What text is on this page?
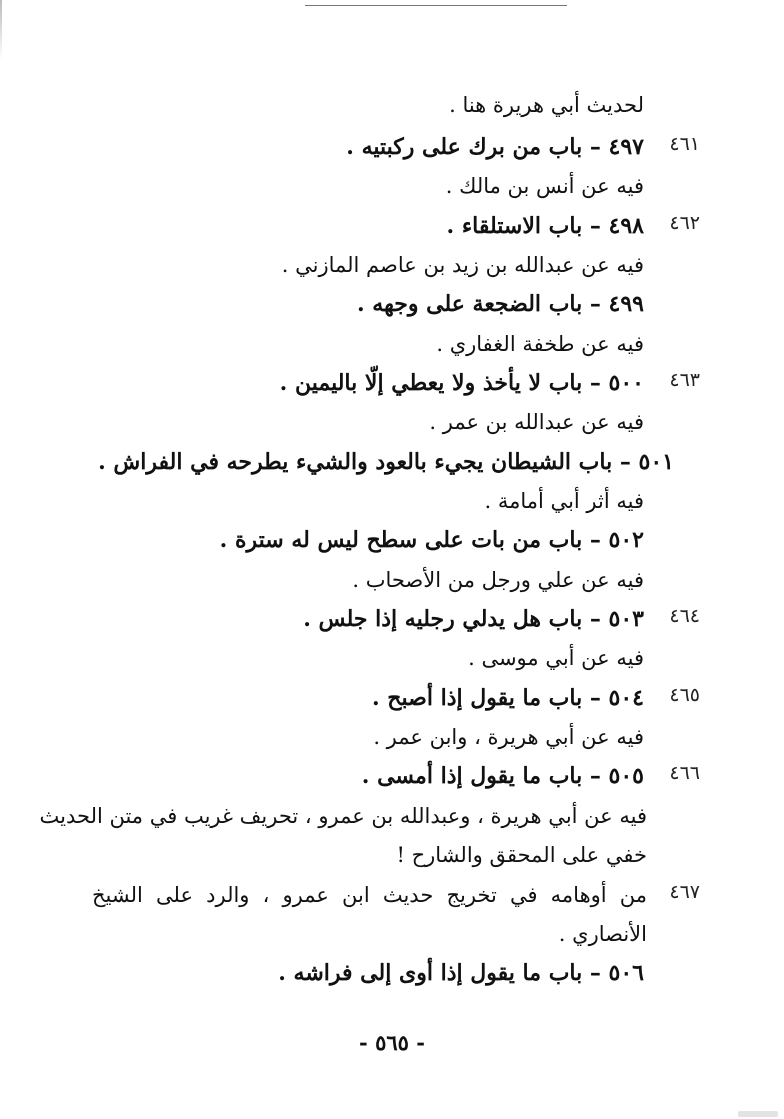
لحديث أبي هريرة هنا .
٤٦١
٤٩٧ – باب من برك على ركبتيه .
فيه عن أنس بن مالك .
٤٦٢
٤٩٨ – باب الاستلقاء .
فيه عن عبدالله بن زيد بن عاصم المازني .
٤٩٩ – باب الضجعة على وجهه .
فيه عن طخفة الغفاري .
٤٦٣
٥٠٠ – باب لا يأخذ ولا يعطي إلّا باليمين .
فيه عن عبدالله بن عمر .
٥٠١ – باب الشيطان يجيء بالعود والشيء يطرحه في الفراش .
فيه أثر أبي أمامة .
٥٠٢ – باب من بات على سطح ليس له سترة .
فيه عن علي ورجل من الأصحاب .
٤٦٤
٥٠٣ – باب هل يدلي رجليه إذا جلس .
فيه عن أبي موسى .
٤٦٥
٥٠٤ – باب ما يقول إذا أصبح .
فيه عن أبي هريرة ، وابن عمر .
٤٦٦
٥٠٥ – باب ما يقول إذا أمسى .
فيه عن أبي هريرة ، وعبدالله بن عمرو ، تحريف غريب في متن الحديث
خفي على المحقق والشارح !
٤٦٧
من أوهامه في تخريج حديث ابن عمرو ، والرد على الشيخ
الأنصاري .
٥٠٦ – باب ما يقول إذا أوى إلى فراشه .
- ٥٦٥ -
